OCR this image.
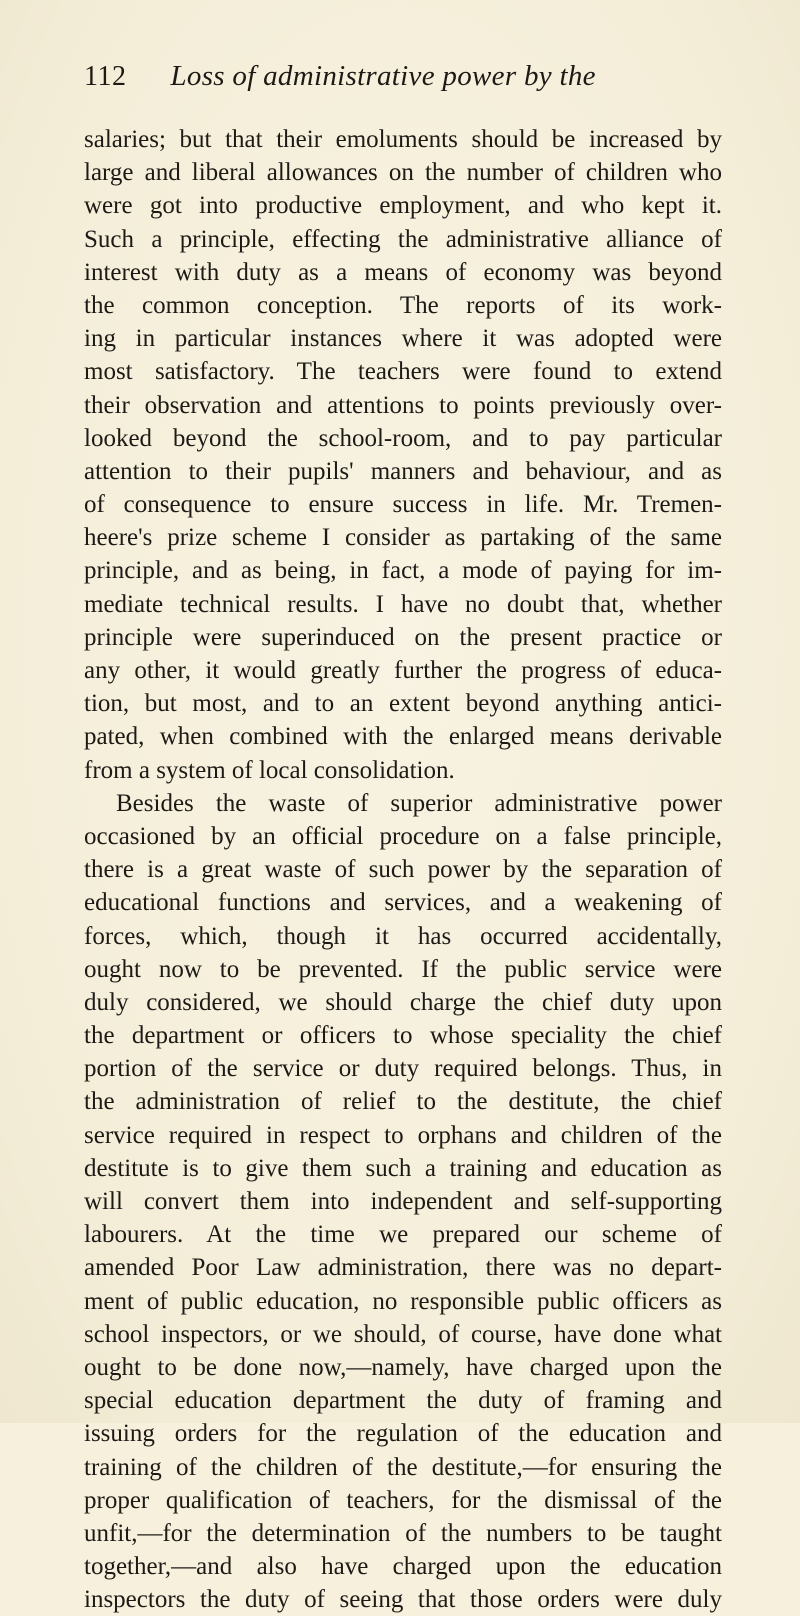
112 Loss of administrative power by the
salaries; but that their emoluments should be increased by
large and liberal allowances on the number of children who
were got into productive employment, and who kept it.
Such a principle, effecting the administrative alliance of
interest with duty as a means of economy was beyond
the common conception. The reports of its work-
ing in particular instances where it was adopted were
most satisfactory. The teachers were found to extend
their observation and attentions to points previously over-
looked beyond the school-room, and to pay particular
attention to their pupils' manners and behaviour, and as
of consequence to ensure success in life. Mr. Tremen-
heere's prize scheme I consider as partaking of the same
principle, and as being, in fact, a mode of paying for im-
mediate technical results. I have no doubt that, whether
principle were superinduced on the present practice or
any other, it would greatly further the progress of educa-
tion, but most, and to an extent beyond anything antici-
pated, when combined with the enlarged means derivable
from a system of local consolidation.
Besides the waste of superior administrative power
occasioned by an official procedure on a false principle,
there is a great waste of such power by the separation of
educational functions and services, and a weakening of
forces, which, though it has occurred accidentally,
ought now to be prevented. If the public service were
duly considered, we should charge the chief duty upon
the department or officers to whose speciality the chief
portion of the service or duty required belongs. Thus, in
the administration of relief to the destitute, the chief
service required in respect to orphans and children of the
destitute is to give them such a training and education as
will convert them into independent and self-supporting
labourers. At the time we prepared our scheme of
amended Poor Law administration, there was no depart-
ment of public education, no responsible public officers as
school inspectors, or we should, of course, have done what
ought to be done now,—namely, have charged upon the
special education department the duty of framing and
issuing orders for the regulation of the education and
training of the children of the destitute,—for ensuring the
proper qualification of teachers, for the dismissal of the
unfit,—for the determination of the numbers to be taught
together,—and also have charged upon the education
inspectors the duty of seeing that those orders were duly
